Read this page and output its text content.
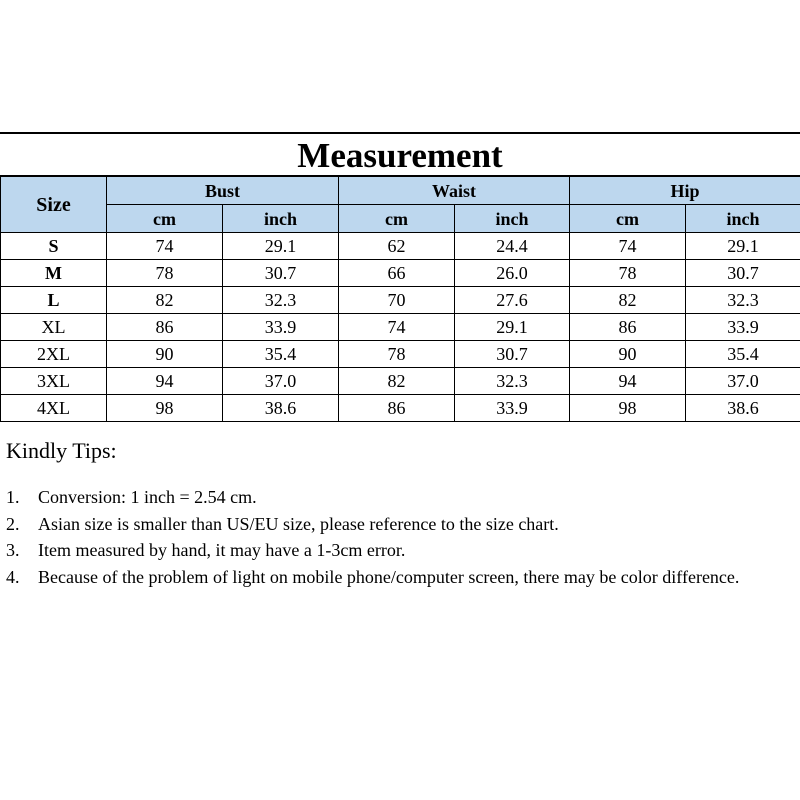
Measurement
Size	Bust		Waist		Hip	
	cm	inch	cm	inch	cm	inch
S	74	29.1	62	24.4	74	29.1
M	78	30.7	66	26.0	78	30.7
L	82	32.3	70	27.6	82	32.3
XL	86	33.9	74	29.1	86	33.9
2XL	90	35.4	78	30.7	90	35.4
3XL	94	37.0	82	32.3	94	37.0
4XL	98	38.6	86	33.9	98	38.6
Kindly Tips:
1.	Conversion: 1 inch = 2.54 cm.
2.	Asian size is smaller than US/EU size, please reference to the size chart.
3.	Item measured by hand, it may have a 1-3cm error.
4.	Because of the problem of light on mobile phone/computer screen, there may be color difference.
